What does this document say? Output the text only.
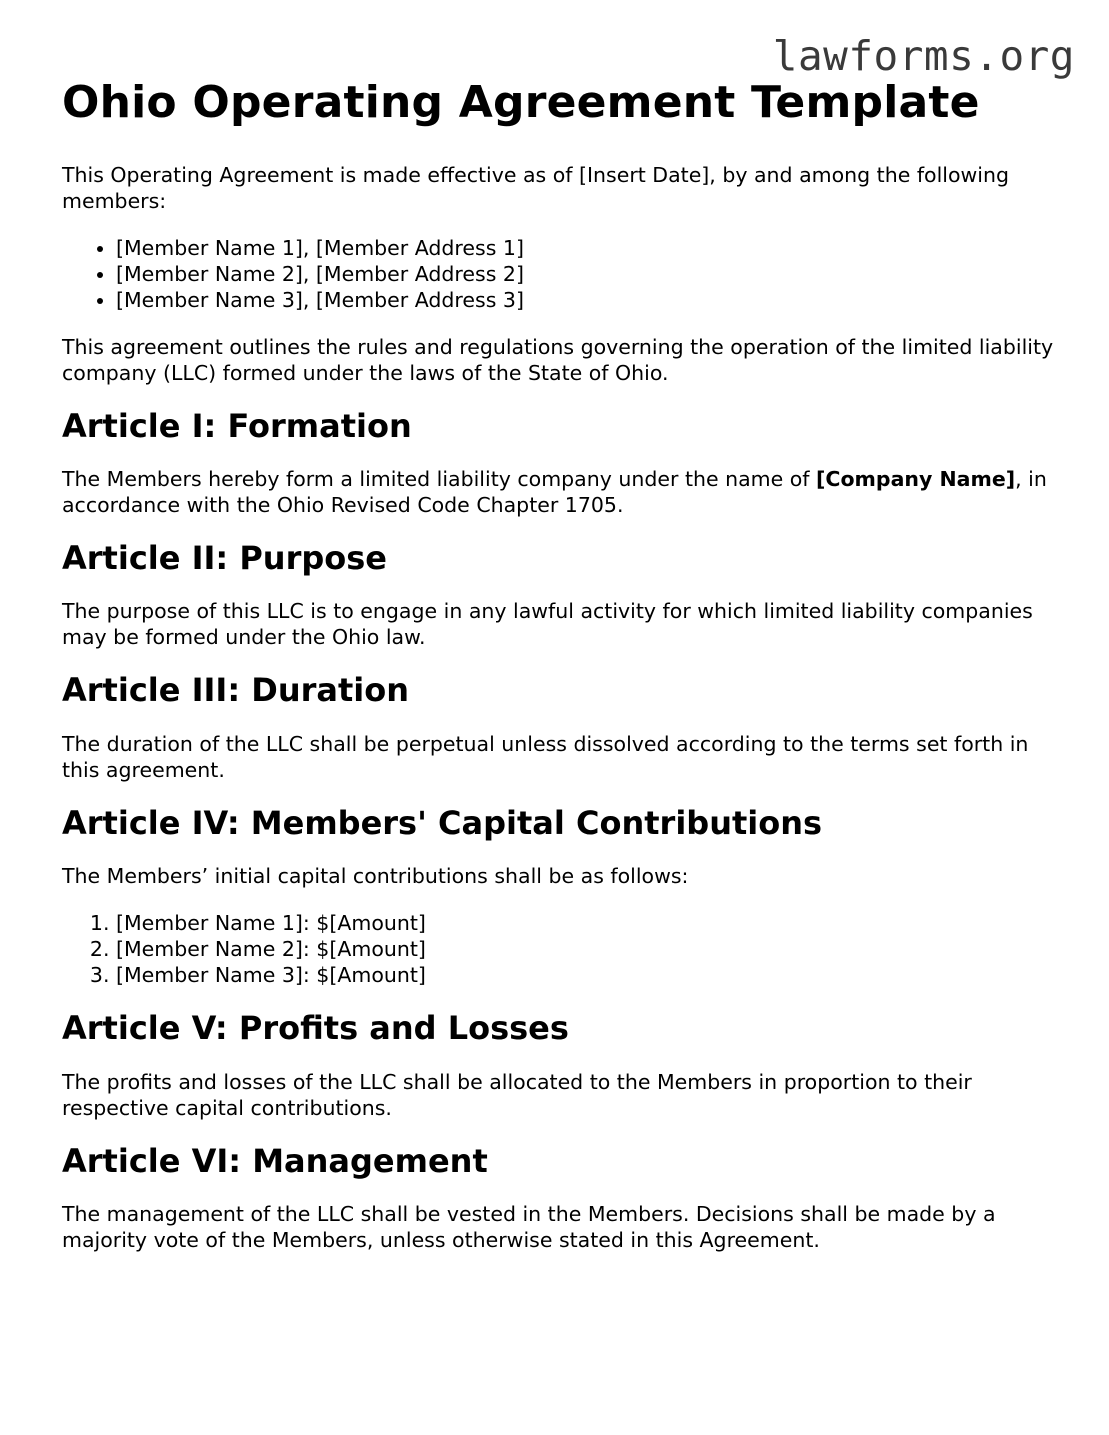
lawforms.org
Ohio Operating Agreement Template

This Operating Agreement is made effective as of [Insert Date], by and among the following members:

• [Member Name 1], [Member Address 1]
• [Member Name 2], [Member Address 2]
• [Member Name 3], [Member Address 3]

This agreement outlines the rules and regulations governing the operation of the limited liability company (LLC) formed under the laws of the State of Ohio.

Article I: Formation

The Members hereby form a limited liability company under the name of [Company Name], in accordance with the Ohio Revised Code Chapter 1705.

Article II: Purpose

The purpose of this LLC is to engage in any lawful activity for which limited liability companies may be formed under the Ohio law.

Article III: Duration

The duration of the LLC shall be perpetual unless dissolved according to the terms set forth in this agreement.

Article IV: Members' Capital Contributions

The Members’ initial capital contributions shall be as follows:

1. [Member Name 1]: $[Amount]
2. [Member Name 2]: $[Amount]
3. [Member Name 3]: $[Amount]
Article V: Profits and Losses

The profits and losses of the LLC shall be allocated to the Members in proportion to their respective capital contributions.

Article VI: Management

The management of the LLC shall be vested in the Members. Decisions shall be made by a majority vote of the Members, unless otherwise stated in this Agreement.
